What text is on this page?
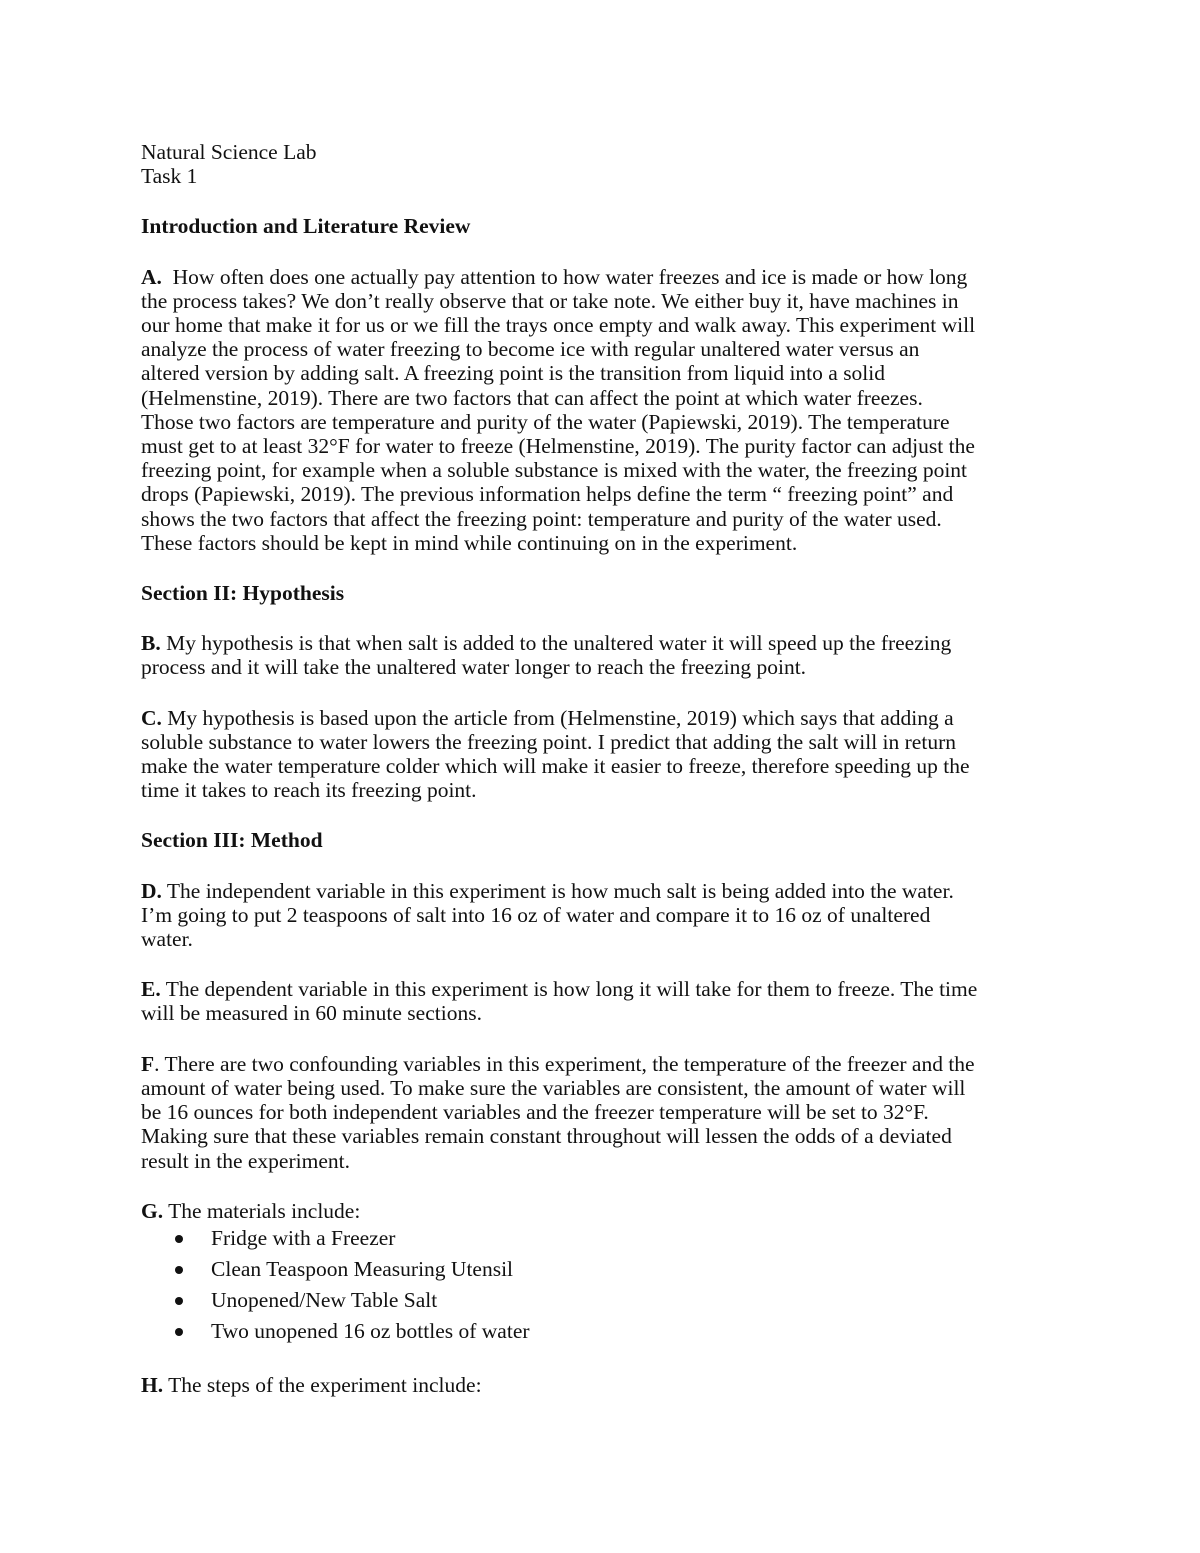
Natural Science Lab
Task 1
Introduction and Literature Review
A. How often does one actually pay attention to how water freezes and ice is made or how long
the process takes? We don’t really observe that or take note. We either buy it, have machines in
our home that make it for us or we fill the trays once empty and walk away. This experiment will
analyze the process of water freezing to become ice with regular unaltered water versus an
altered version by adding salt. A freezing point is the transition from liquid into a solid
(Helmenstine, 2019). There are two factors that can affect the point at which water freezes.
Those two factors are temperature and purity of the water (Papiewski, 2019). The temperature
must get to at least 32°F for water to freeze (Helmenstine, 2019). The purity factor can adjust the
freezing point, for example when a soluble substance is mixed with the water, the freezing point
drops (Papiewski, 2019). The previous information helps define the term “ freezing point” and
shows the two factors that affect the freezing point: temperature and purity of the water used.
These factors should be kept in mind while continuing on in the experiment.
Section II: Hypothesis
B. My hypothesis is that when salt is added to the unaltered water it will speed up the freezing
process and it will take the unaltered water longer to reach the freezing point.
C. My hypothesis is based upon the article from (Helmenstine, 2019) which says that adding a
soluble substance to water lowers the freezing point. I predict that adding the salt will in return
make the water temperature colder which will make it easier to freeze, therefore speeding up the
time it takes to reach its freezing point.
Section III: Method
D. The independent variable in this experiment is how much salt is being added into the water.
I’m going to put 2 teaspoons of salt into 16 oz of water and compare it to 16 oz of unaltered
water.
E. The dependent variable in this experiment is how long it will take for them to freeze. The time
will be measured in 60 minute sections.
F. There are two confounding variables in this experiment, the temperature of the freezer and the
amount of water being used. To make sure the variables are consistent, the amount of water will
be 16 ounces for both independent variables and the freezer temperature will be set to 32°F.
Making sure that these variables remain constant throughout will lessen the odds of a deviated
result in the experiment.
G. The materials include:
Fridge with a Freezer
Clean Teaspoon Measuring Utensil
Unopened/New Table Salt
Two unopened 16 oz bottles of water
H. The steps of the experiment include:
